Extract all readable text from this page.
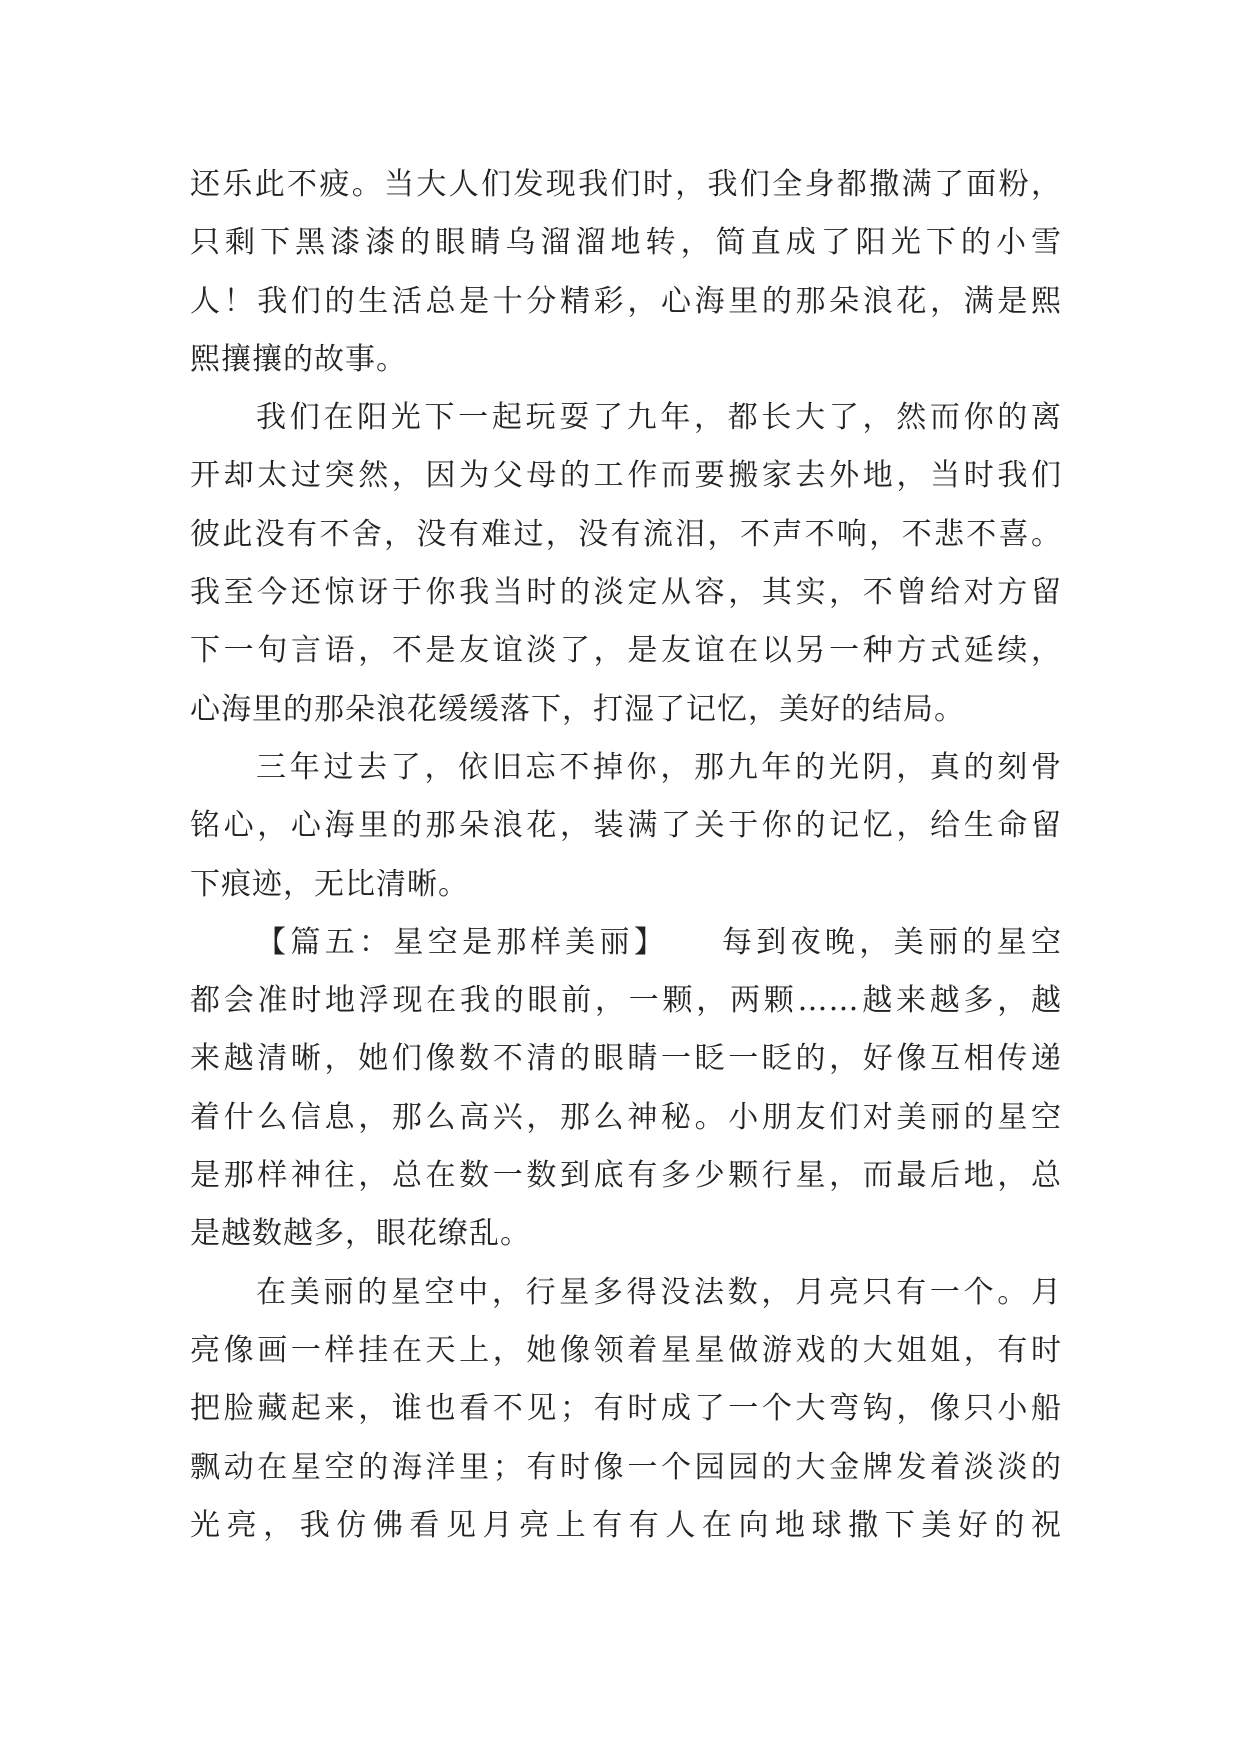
还乐此不疲。当大人们发现我们时，我们全身都撒满了面粉，
只剩下黑漆漆的眼睛乌溜溜地转，简直成了阳光下的小雪
人！我们的生活总是十分精彩，心海里的那朵浪花，满是熙
熙攘攘的故事。
我们在阳光下一起玩耍了九年，都长大了，然而你的离
开却太过突然，因为父母的工作而要搬家去外地，当时我们
彼此没有不舍，没有难过，没有流泪，不声不响，不悲不喜。
我至今还惊讶于你我当时的淡定从容，其实，不曾给对方留
下一句言语，不是友谊淡了，是友谊在以另一种方式延续，
心海里的那朵浪花缓缓落下，打湿了记忆，美好的结局。
三年过去了，依旧忘不掉你，那九年的光阴，真的刻骨
铭心，心海里的那朵浪花，装满了关于你的记忆，给生命留
下痕迹，无比清晰。
【篇五：星空是那样美丽】　　每到夜晚，美丽的星空
都会准时地浮现在我的眼前，一颗，两颗……越来越多，越
来越清晰，她们像数不清的眼睛一眨一眨的，好像互相传递
着什么信息，那么高兴，那么神秘。小朋友们对美丽的星空
是那样神往，总在数一数到底有多少颗行星，而最后地，总
是越数越多，眼花缭乱。
在美丽的星空中，行星多得没法数，月亮只有一个。月
亮像画一样挂在天上，她像领着星星做游戏的大姐姐，有时
把脸藏起来，谁也看不见；有时成了一个大弯钩，像只小船
飘动在星空的海洋里；有时像一个园园的大金牌发着淡淡的
光亮，我仿佛看见月亮上有有人在向地球撒下美好的祝
